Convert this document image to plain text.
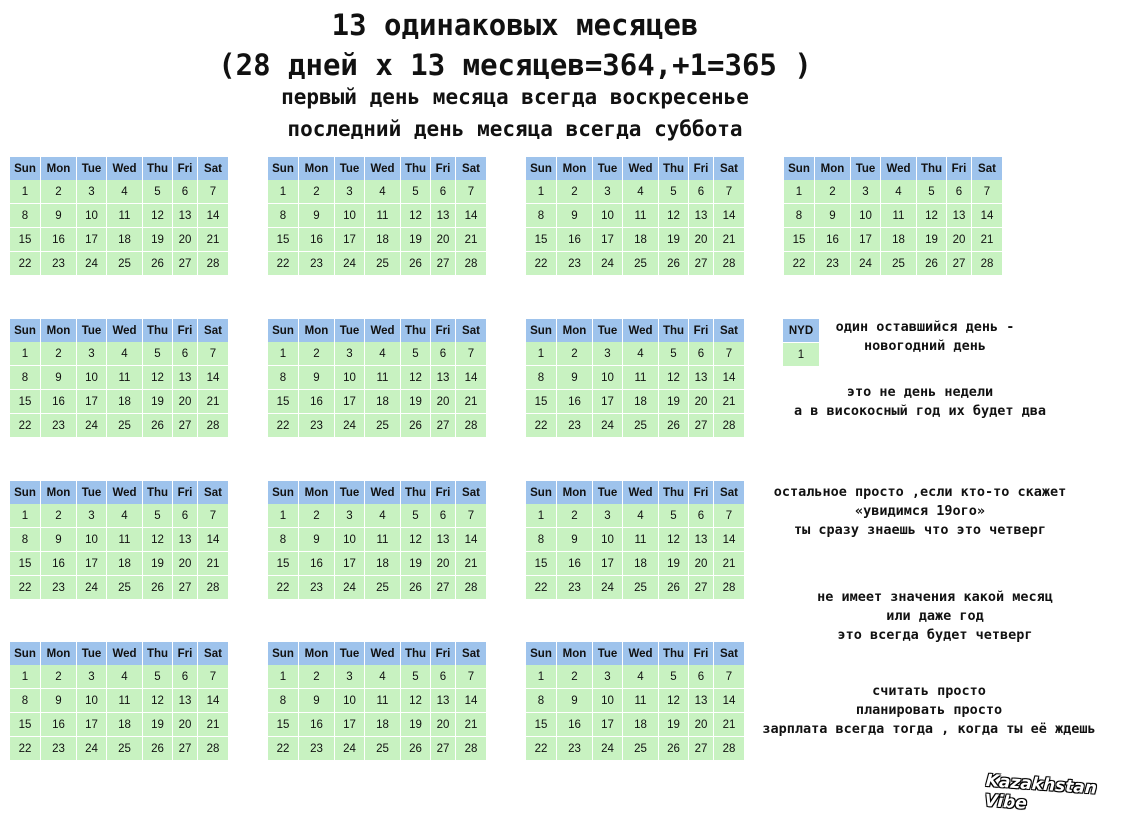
13 одинаковых месяцев
(28 дней x 13 месяцев=364,+1=365 )
первый день месяца всегда воскресенье
последний день месяца всегда суббота
Sun	Mon	Tue	Wed	Thu	Fri	Sat
1	2	3	4	5	6	7
8	9	10	11	12	13	14
15	16	17	18	19	20	21
22	23	24	25	26	27	28
Sun	Mon	Tue	Wed	Thu	Fri	Sat
1	2	3	4	5	6	7
8	9	10	11	12	13	14
15	16	17	18	19	20	21
22	23	24	25	26	27	28
Sun	Mon	Tue	Wed	Thu	Fri	Sat
1	2	3	4	5	6	7
8	9	10	11	12	13	14
15	16	17	18	19	20	21
22	23	24	25	26	27	28
Sun	Mon	Tue	Wed	Thu	Fri	Sat
1	2	3	4	5	6	7
8	9	10	11	12	13	14
15	16	17	18	19	20	21
22	23	24	25	26	27	28
Sun	Mon	Tue	Wed	Thu	Fri	Sat
1	2	3	4	5	6	7
8	9	10	11	12	13	14
15	16	17	18	19	20	21
22	23	24	25	26	27	28
Sun	Mon	Tue	Wed	Thu	Fri	Sat
1	2	3	4	5	6	7
8	9	10	11	12	13	14
15	16	17	18	19	20	21
22	23	24	25	26	27	28
Sun	Mon	Tue	Wed	Thu	Fri	Sat
1	2	3	4	5	6	7
8	9	10	11	12	13	14
15	16	17	18	19	20	21
22	23	24	25	26	27	28
Sun	Mon	Tue	Wed	Thu	Fri	Sat
1	2	3	4	5	6	7
8	9	10	11	12	13	14
15	16	17	18	19	20	21
22	23	24	25	26	27	28
Sun	Mon	Tue	Wed	Thu	Fri	Sat
1	2	3	4	5	6	7
8	9	10	11	12	13	14
15	16	17	18	19	20	21
22	23	24	25	26	27	28
Sun	Mon	Tue	Wed	Thu	Fri	Sat
1	2	3	4	5	6	7
8	9	10	11	12	13	14
15	16	17	18	19	20	21
22	23	24	25	26	27	28
Sun	Mon	Tue	Wed	Thu	Fri	Sat
1	2	3	4	5	6	7
8	9	10	11	12	13	14
15	16	17	18	19	20	21
22	23	24	25	26	27	28
Sun	Mon	Tue	Wed	Thu	Fri	Sat
1	2	3	4	5	6	7
8	9	10	11	12	13	14
15	16	17	18	19	20	21
22	23	24	25	26	27	28
Sun	Mon	Tue	Wed	Thu	Fri	Sat
1	2	3	4	5	6	7
8	9	10	11	12	13	14
15	16	17	18	19	20	21
22	23	24	25	26	27	28
NYD
1
один оставшийся день -
новогодний день
это не день недели
а в високосный год их будет два
остальное просто ,если кто-то скажет
«увидимся 19ого»
ты сразу знаешь что это четверг
не имеет значения какой месяц
или даже год
это всегда будет четверг
считать просто
планировать просто
зарплата всегда тогда , когда ты её ждешь
Kazakhstan Vibe
